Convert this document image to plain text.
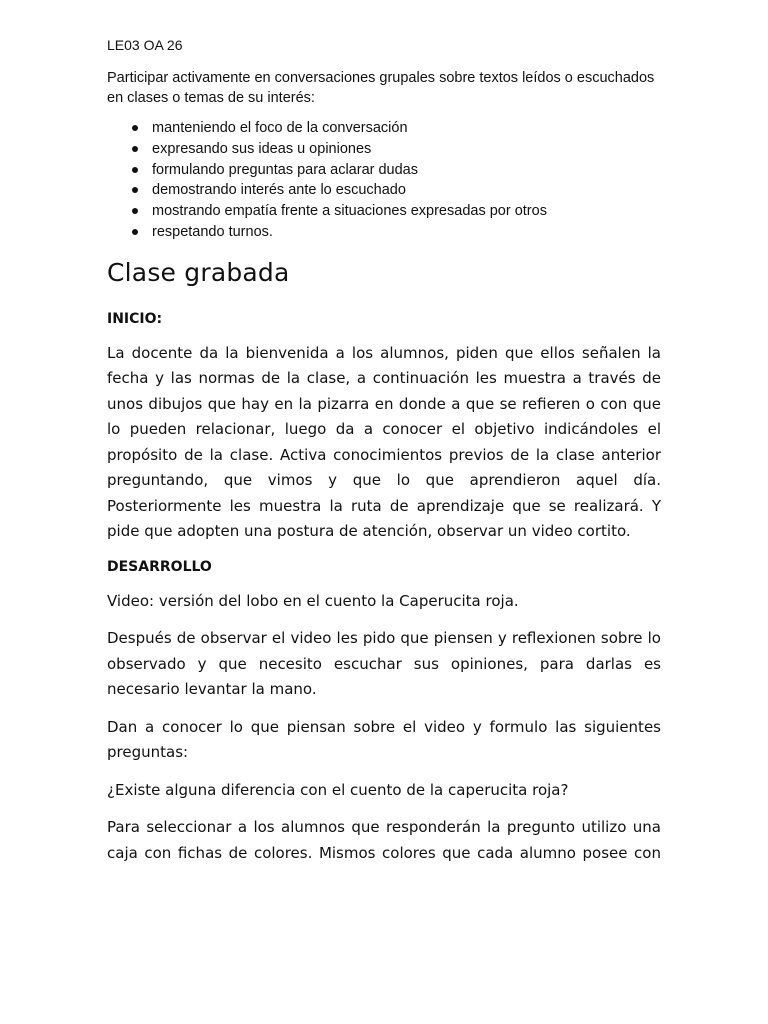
LE03 OA 26

Participar activamente en conversaciones grupales sobre textos leídos o escuchados en clases o temas de su interés:

manteniendo el foco de la conversación
expresando sus ideas u opiniones
formulando preguntas para aclarar dudas
demostrando interés ante lo escuchado
mostrando empatía frente a situaciones expresadas por otros
respetando turnos.
Clase grabada

INICIO:

La docente da la bienvenida a los alumnos, piden que ellos señalen la fecha y las normas de la clase, a continuación les muestra a través de unos dibujos que hay en la pizarra en donde a que se refieren o con que lo pueden relacionar, luego da a conocer el objetivo indicándoles el propósito de la clase. Activa conocimientos previos de la clase anterior preguntando, que vimos y que lo que aprendieron aquel día. Posteriormente les muestra la ruta de aprendizaje que se realizará. Y pide que adopten una postura de atención, observar un video cortito.

DESARROLLO

Video: versión del lobo en el cuento la Caperucita roja.

Después de observar el video les pido que piensen y reflexionen sobre lo observado y que necesito escuchar sus opiniones, para darlas es necesario levantar la mano.

Dan a conocer lo que piensan sobre el video y formulo las siguientes preguntas:

¿Existe alguna diferencia con el cuento de la caperucita roja?

Para seleccionar a los alumnos que responderán la pregunto utilizo una caja con fichas de colores. Mismos colores que cada alumno posee con
